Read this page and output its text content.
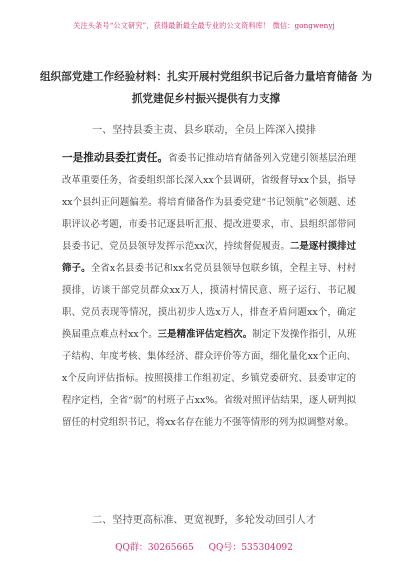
关注头条号“公文研究”，获得最新最全最专业的公文资料库！ 微信：gongwenyj
组织部党建工作经验材料：扎实开展村党组织书记后备力量培育储备 为抓党建促乡村振兴提供有力支撑
一、坚持县委主责、县乡联动，全员上阵深入摸排
一是推动县委扛责任。省委书记推动培育储备列入党建引领基层治理改革重要任务，省委组织部长深入xx个县调研，省级督导xx个县，指导xx个县纠正问题偏差。将培育储备作为县委党建“书记领航”必领题、述职评议必考题，市委书记逐县听汇报、提改进要求，市、县组织部带同县委书记、党员县领导发挥示范xx次，持续督促履责。二是逐村摸排过筛子。全省x名县委书记和xx名党员县领导包联乡镇，全程主导、村村摸排，访谈干部党员群众xx万人，摸清村情民意、班子运行、书记履职、党员表现等情况，摸出初步人选x万人，排查矛盾问题xx个，确定换届重点难点村xx个。三是精准评估定档次。制定下发操作指引，从班子结构、年度考核、集体经济、群众评价等方面，细化量化xx个正向、x个反向评估指标。按照摸排工作组初定、乡镇党委研究、县委审定的程序定档，全省“弱”的村班子占xx%。省级对照评估结果，逐人研判拟留任的村党组织书记，将xx名存在能力不强等情形的列为拟调整对象。
二、坚持更高标准、更宽视野，多轮发动回引人才
QQ群：30265665 QQ号：535304092
